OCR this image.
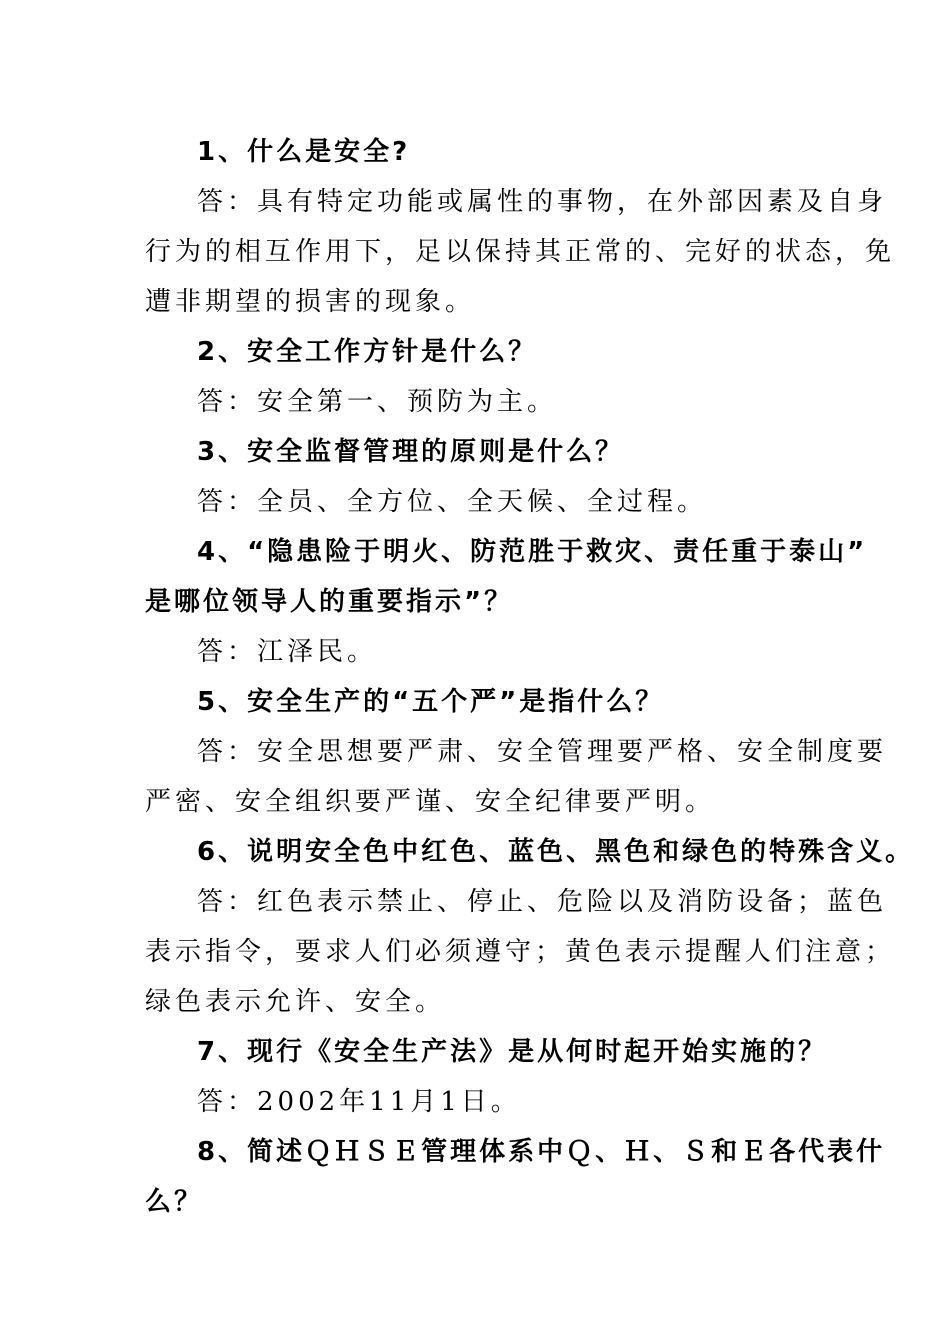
1、什么是安全?
答：具有特定功能或属性的事物，在外部因素及自身
行为的相互作用下，足以保持其正常的、完好的状态，免
遭非期望的损害的现象。
2、安全工作方针是什么？
答：安全第一、预防为主。
3、安全监督管理的原则是什么？
答：全员、全方位、全天候、全过程。
4、“隐患险于明火、防范胜于救灾、责任重于泰山”
是哪位领导人的重要指示”？
答：江泽民。
5、安全生产的“五个严”是指什么？
答：安全思想要严肃、安全管理要严格、安全制度要
严密、安全组织要严谨、安全纪律要严明。
6、说明安全色中红色、蓝色、黑色和绿色的特殊含义。
答：红色表示禁止、停止、危险以及消防设备；蓝色
表示指令，要求人们必须遵守；黄色表示提醒人们注意；
绿色表示允许、安全。
7、现行《安全生产法》是从何时起开始实施的？
答：2002年11月1日。
8、简述ＱＨＳＥ管理体系中Ｑ、Ｈ、Ｓ和Ｅ各代表什
么？
